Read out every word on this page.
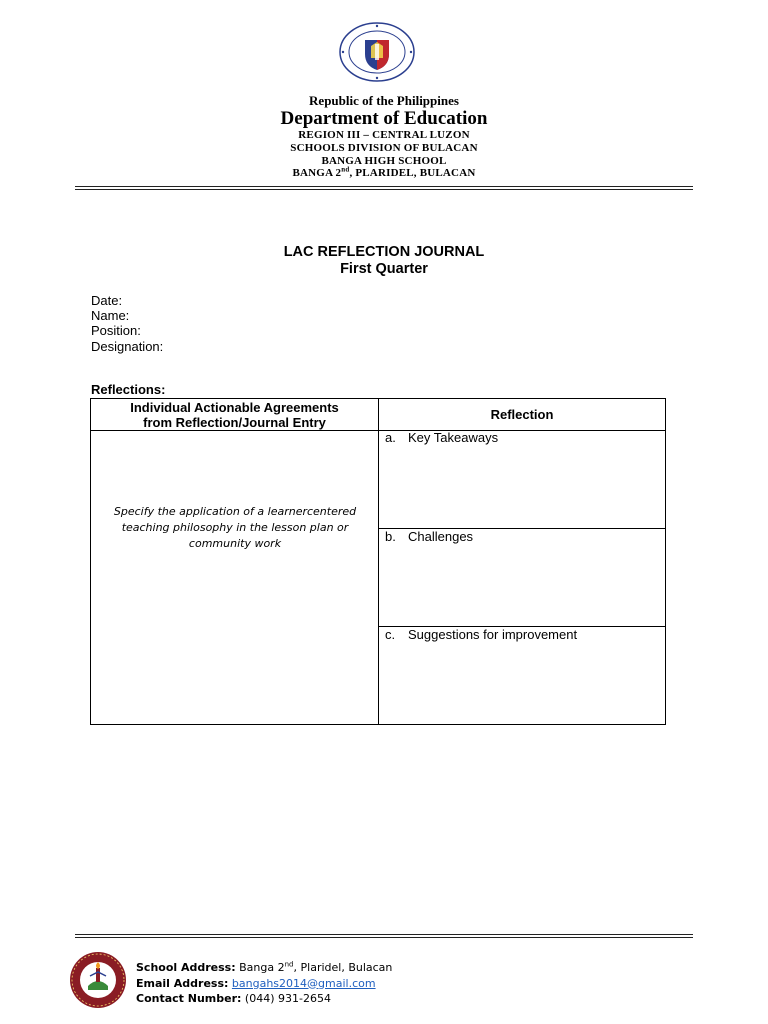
Republic of the Philippines
Department of Education
REGION III – CENTRAL LUZON
SCHOOLS DIVISION OF BULACAN
BANGA HIGH SCHOOL
BANGA 2nd, PLARIDEL, BULACAN
LAC REFLECTION JOURNAL
First Quarter
Date:
Name:
Position:
Designation:
Reflections:
Individual Actionable Agreements
from Reflection/Journal Entry	Reflection
Specify the application of a learnercentered teaching philosophy in the lesson plan or community work
a. Key Takeaways
b. Challenges
c. Suggestions for improvement
School Address: Banga 2nd, Plaridel, Bulacan
Email Address: bangahs2014@gmail.com
Contact Number: (044) 931-2654
